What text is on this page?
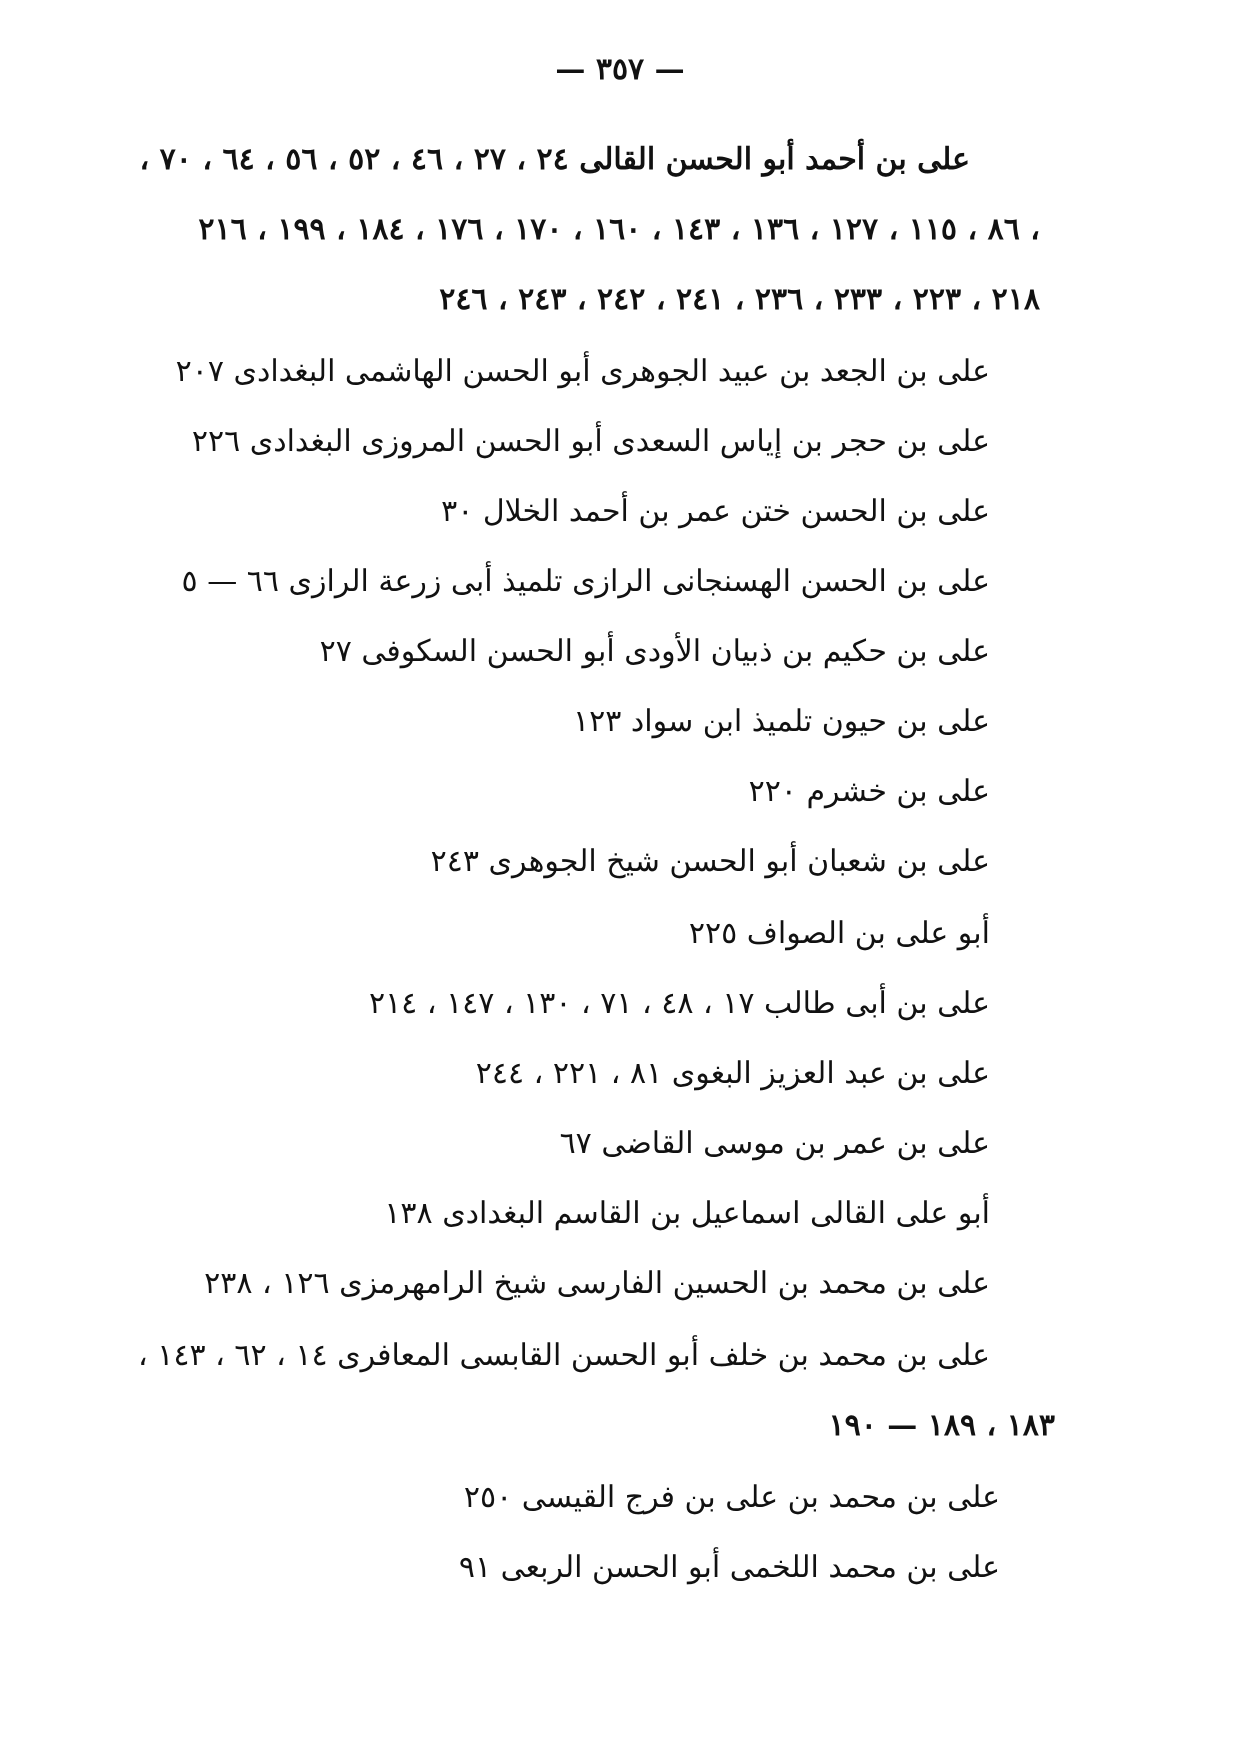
— ٣٥٧ —
على بن أحمد أبو الحسن القالى ٢٤ ، ٢٧ ، ٤٦ ، ٥٢ ، ٥٦ ، ٦٤ ، ٧٠ ،
٨٦ ، ١١٥ ، ١٢٧ ، ١٣٦ ، ١٤٣ ، ١٦٠ ، ١٧٠ ، ١٧٦ ، ١٨٤ ، ١٩٩ ، ٢١٦ ،
٢١٨ ، ٢٢٣ ، ٢٣٣ ، ٢٣٦ ، ٢٤١ ، ٢٤٢ ، ٢٤٣ ، ٢٤٦
على بن الجعد بن عبيد الجوهرى أبو الحسن الهاشمى البغدادى ٢٠٧
على بن حجر بن إياس السعدى أبو الحسن المروزى البغدادى ٢٢٦
على بن الحسن ختن عمر بن أحمد الخلال ٣٠
على بن الحسن الهسنجانى الرازى تلميذ أبى زرعة الرازى ٦٦ — ٥
على بن حكيم بن ذبيان الأودى أبو الحسن السكوفى ٢٧
على بن حيون تلميذ ابن سواد ١٢٣
على بن خشرم ٢٢٠
على بن شعبان أبو الحسن شيخ الجوهرى ٢٤٣
أبو على بن الصواف ٢٢٥
على بن أبى طالب ١٧ ، ٤٨ ، ٧١ ، ١٣٠ ، ١٤٧ ، ٢١٤
على بن عبد العزيز البغوى ٨١ ، ٢٢١ ، ٢٤٤
على بن عمر بن موسى القاضى ٦٧
أبو على القالى اسماعيل بن القاسم البغدادى ١٣٨
على بن محمد بن الحسين الفارسى شيخ الرامهرمزى ١٢٦ ، ٢٣٨
على بن محمد بن خلف أبو الحسن القابسى المعافرى ١٤ ، ٦٢ ، ١٤٣ ،
١٨٣ ، ١٨٩ — ١٩٠
على بن محمد بن على بن فرج القيسى ٢٥٠
على بن محمد اللخمى أبو الحسن الربعى ٩١
